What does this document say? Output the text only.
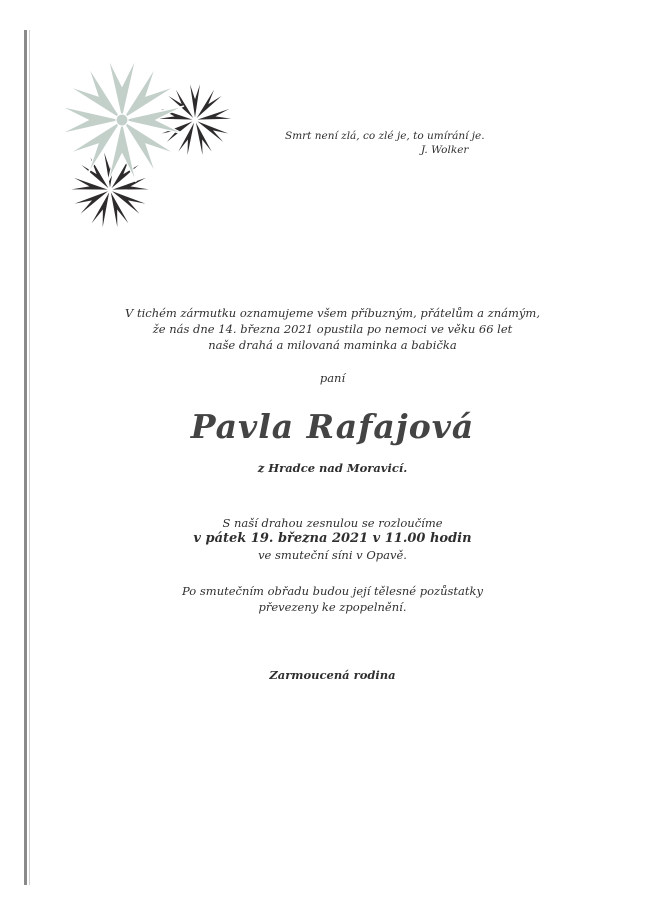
Smrt není zlá, co zlé je, to umírání je.
J. Wolker
V tichém zármutku oznamujeme všem příbuzným, přátelům a známým,
že nás dne 14. března 2021 opustila po nemoci ve věku 66 let
naše drahá a milovaná maminka a babička
paní
Pavla Rafajová
z Hradce nad Moravicí.
S naší drahou zesnulou se rozloučíme
v pátek 19. března 2021 v 11.00 hodin
ve smuteční síni v Opavě.
Po smutečním obřadu budou její tělesné pozůstatky
převezeny ke zpopelnění.
Zarmoucená rodina
